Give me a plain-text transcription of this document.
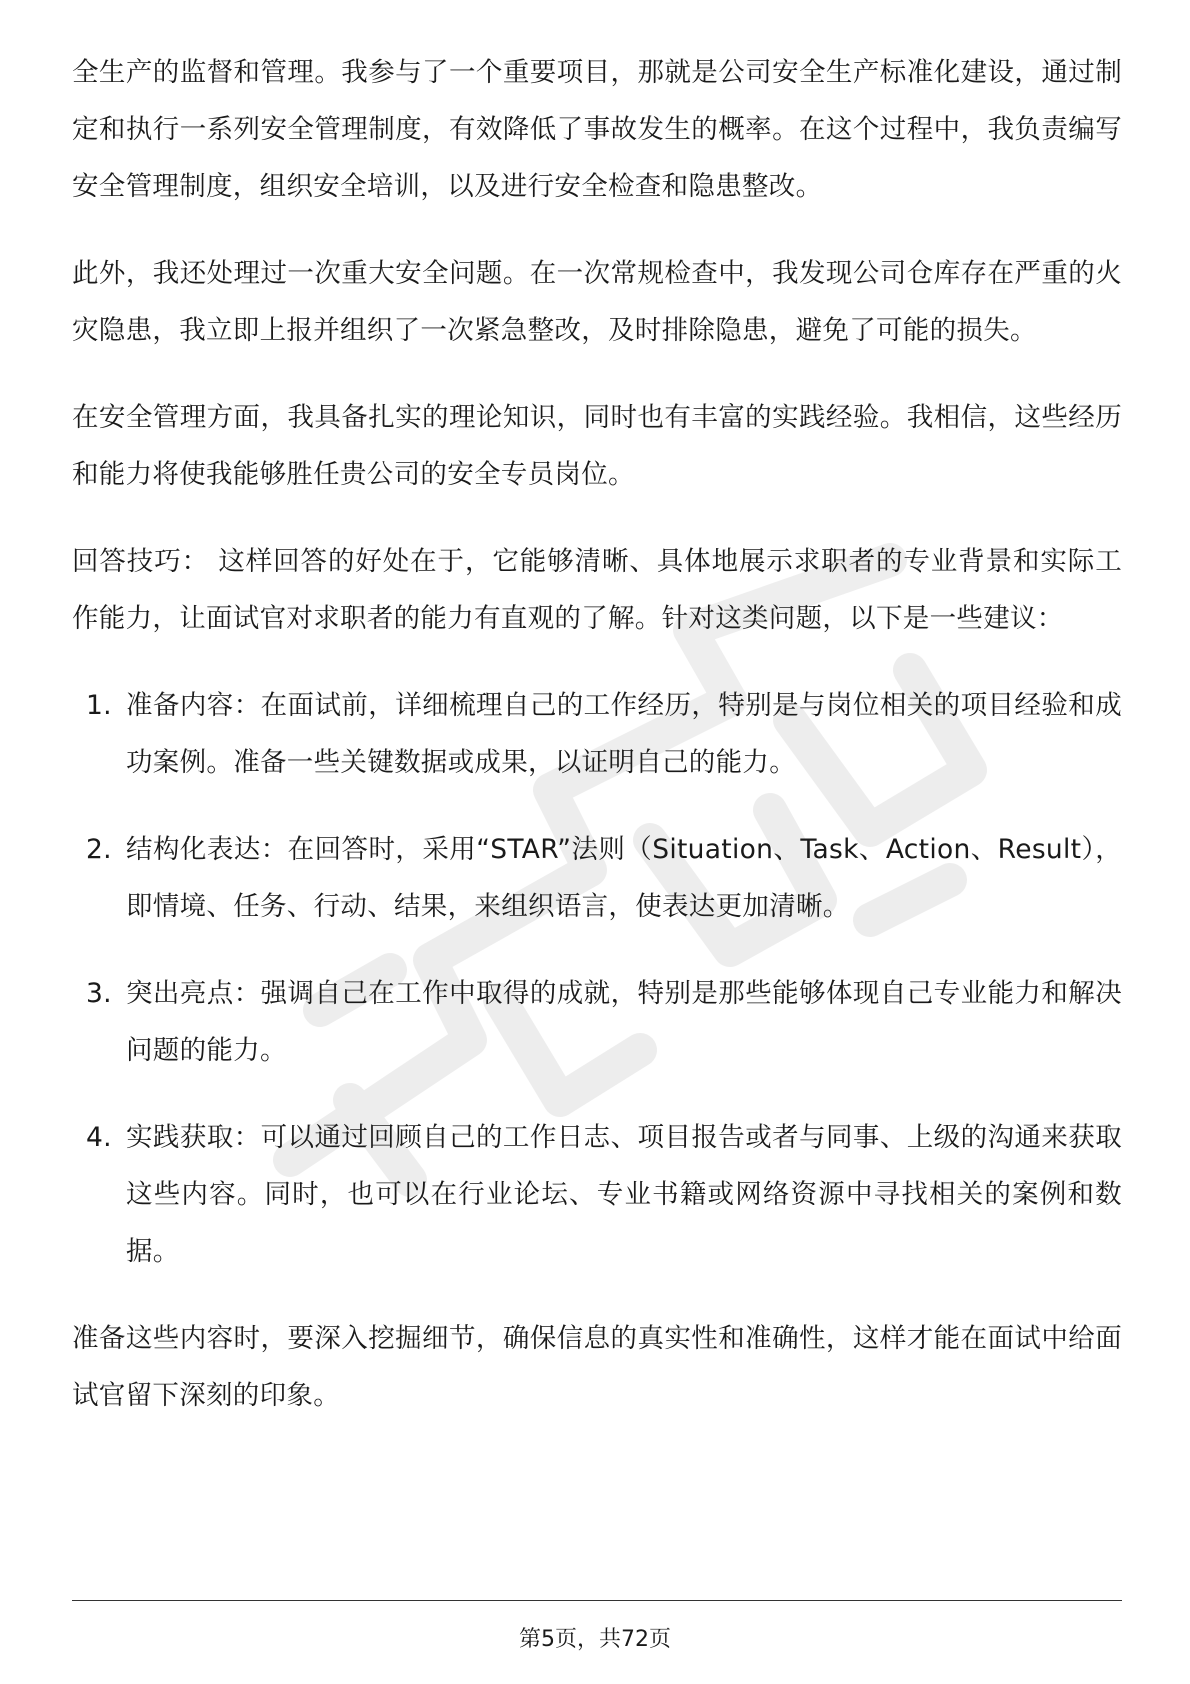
全生产的监督和管理。我参与了一个重要项目，那就是公司安全生产标准化建设，通过制定和执行一系列安全管理制度，有效降低了事故发生的概率。在这个过程中，我负责编写安全管理制度，组织安全培训，以及进行安全检查和隐患整改。

此外，我还处理过一次重大安全问题。在一次常规检查中，我发现公司仓库存在严重的火灾隐患，我立即上报并组织了一次紧急整改，及时排除隐患，避免了可能的损失。

在安全管理方面，我具备扎实的理论知识，同时也有丰富的实践经验。我相信，这些经历和能力将使我能够胜任贵公司的安全专员岗位。

回答技巧： 这样回答的好处在于，它能够清晰、具体地展示求职者的专业背景和实际工作能力，让面试官对求职者的能力有直观的了解。针对这类问题，以下是一些建议：

1. 准备内容：在面试前，详细梳理自己的工作经历，特别是与岗位相关的项目经验和成功案例。准备一些关键数据或成果，以证明自己的能力。
2. 结构化表达：在回答时，采用“STAR”法则（Situation、Task、Action、Result），即情境、任务、行动、结果，来组织语言，使表达更加清晰。
3. 突出亮点：强调自己在工作中取得的成就，特别是那些能够体现自己专业能力和解决问题的能力。
4. 实践获取：可以通过回顾自己的工作日志、项目报告或者与同事、上级的沟通来获取这些内容。同时，也可以在行业论坛、专业书籍或网络资源中寻找相关的案例和数据。

准备这些内容时，要深入挖掘细节，确保信息的真实性和准确性，这样才能在面试中给面试官留下深刻的印象。

第5页，共72页
